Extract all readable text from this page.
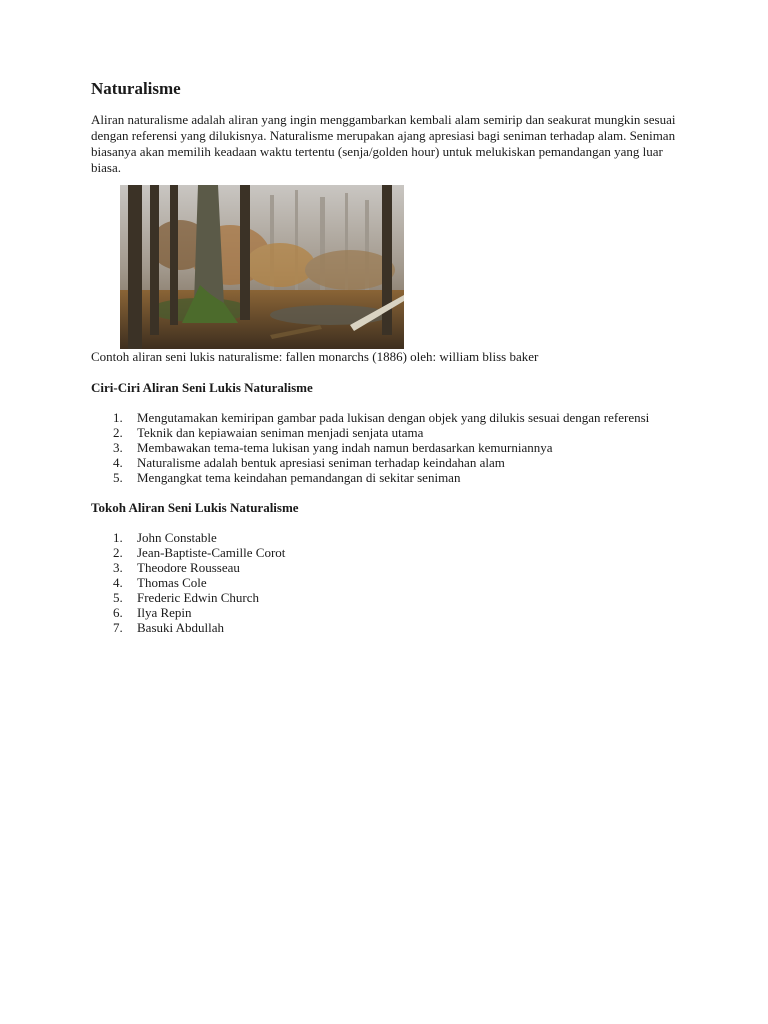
Naturalisme

Aliran naturalisme adalah aliran yang ingin menggambarkan kembali alam semirip dan seakurat mungkin sesuai dengan referensi yang dilukisnya. Naturalisme merupakan ajang apresiasi bagi seniman terhadap alam. Seniman biasanya akan memilih keadaan waktu tertentu (senja/golden hour) untuk melukiskan pemandangan yang luar biasa.

Contoh aliran seni lukis naturalisme: fallen monarchs (1886) oleh: william bliss baker

Ciri-Ciri Aliran Seni Lukis Naturalisme
1. Mengutamakan kemiripan gambar pada lukisan dengan objek yang dilukis sesuai dengan referensi
2. Teknik dan kepiawaian seniman menjadi senjata utama
3. Membawakan tema-tema lukisan yang indah namun berdasarkan kemurniannya
4. Naturalisme adalah bentuk apresiasi seniman terhadap keindahan alam
5. Mengangkat tema keindahan pemandangan di sekitar seniman
Tokoh Aliran Seni Lukis Naturalisme
1. John Constable
2. Jean-Baptiste-Camille Corot
3. Theodore Rousseau
4. Thomas Cole
5. Frederic Edwin Church
6. Ilya Repin
7. Basuki Abdullah
